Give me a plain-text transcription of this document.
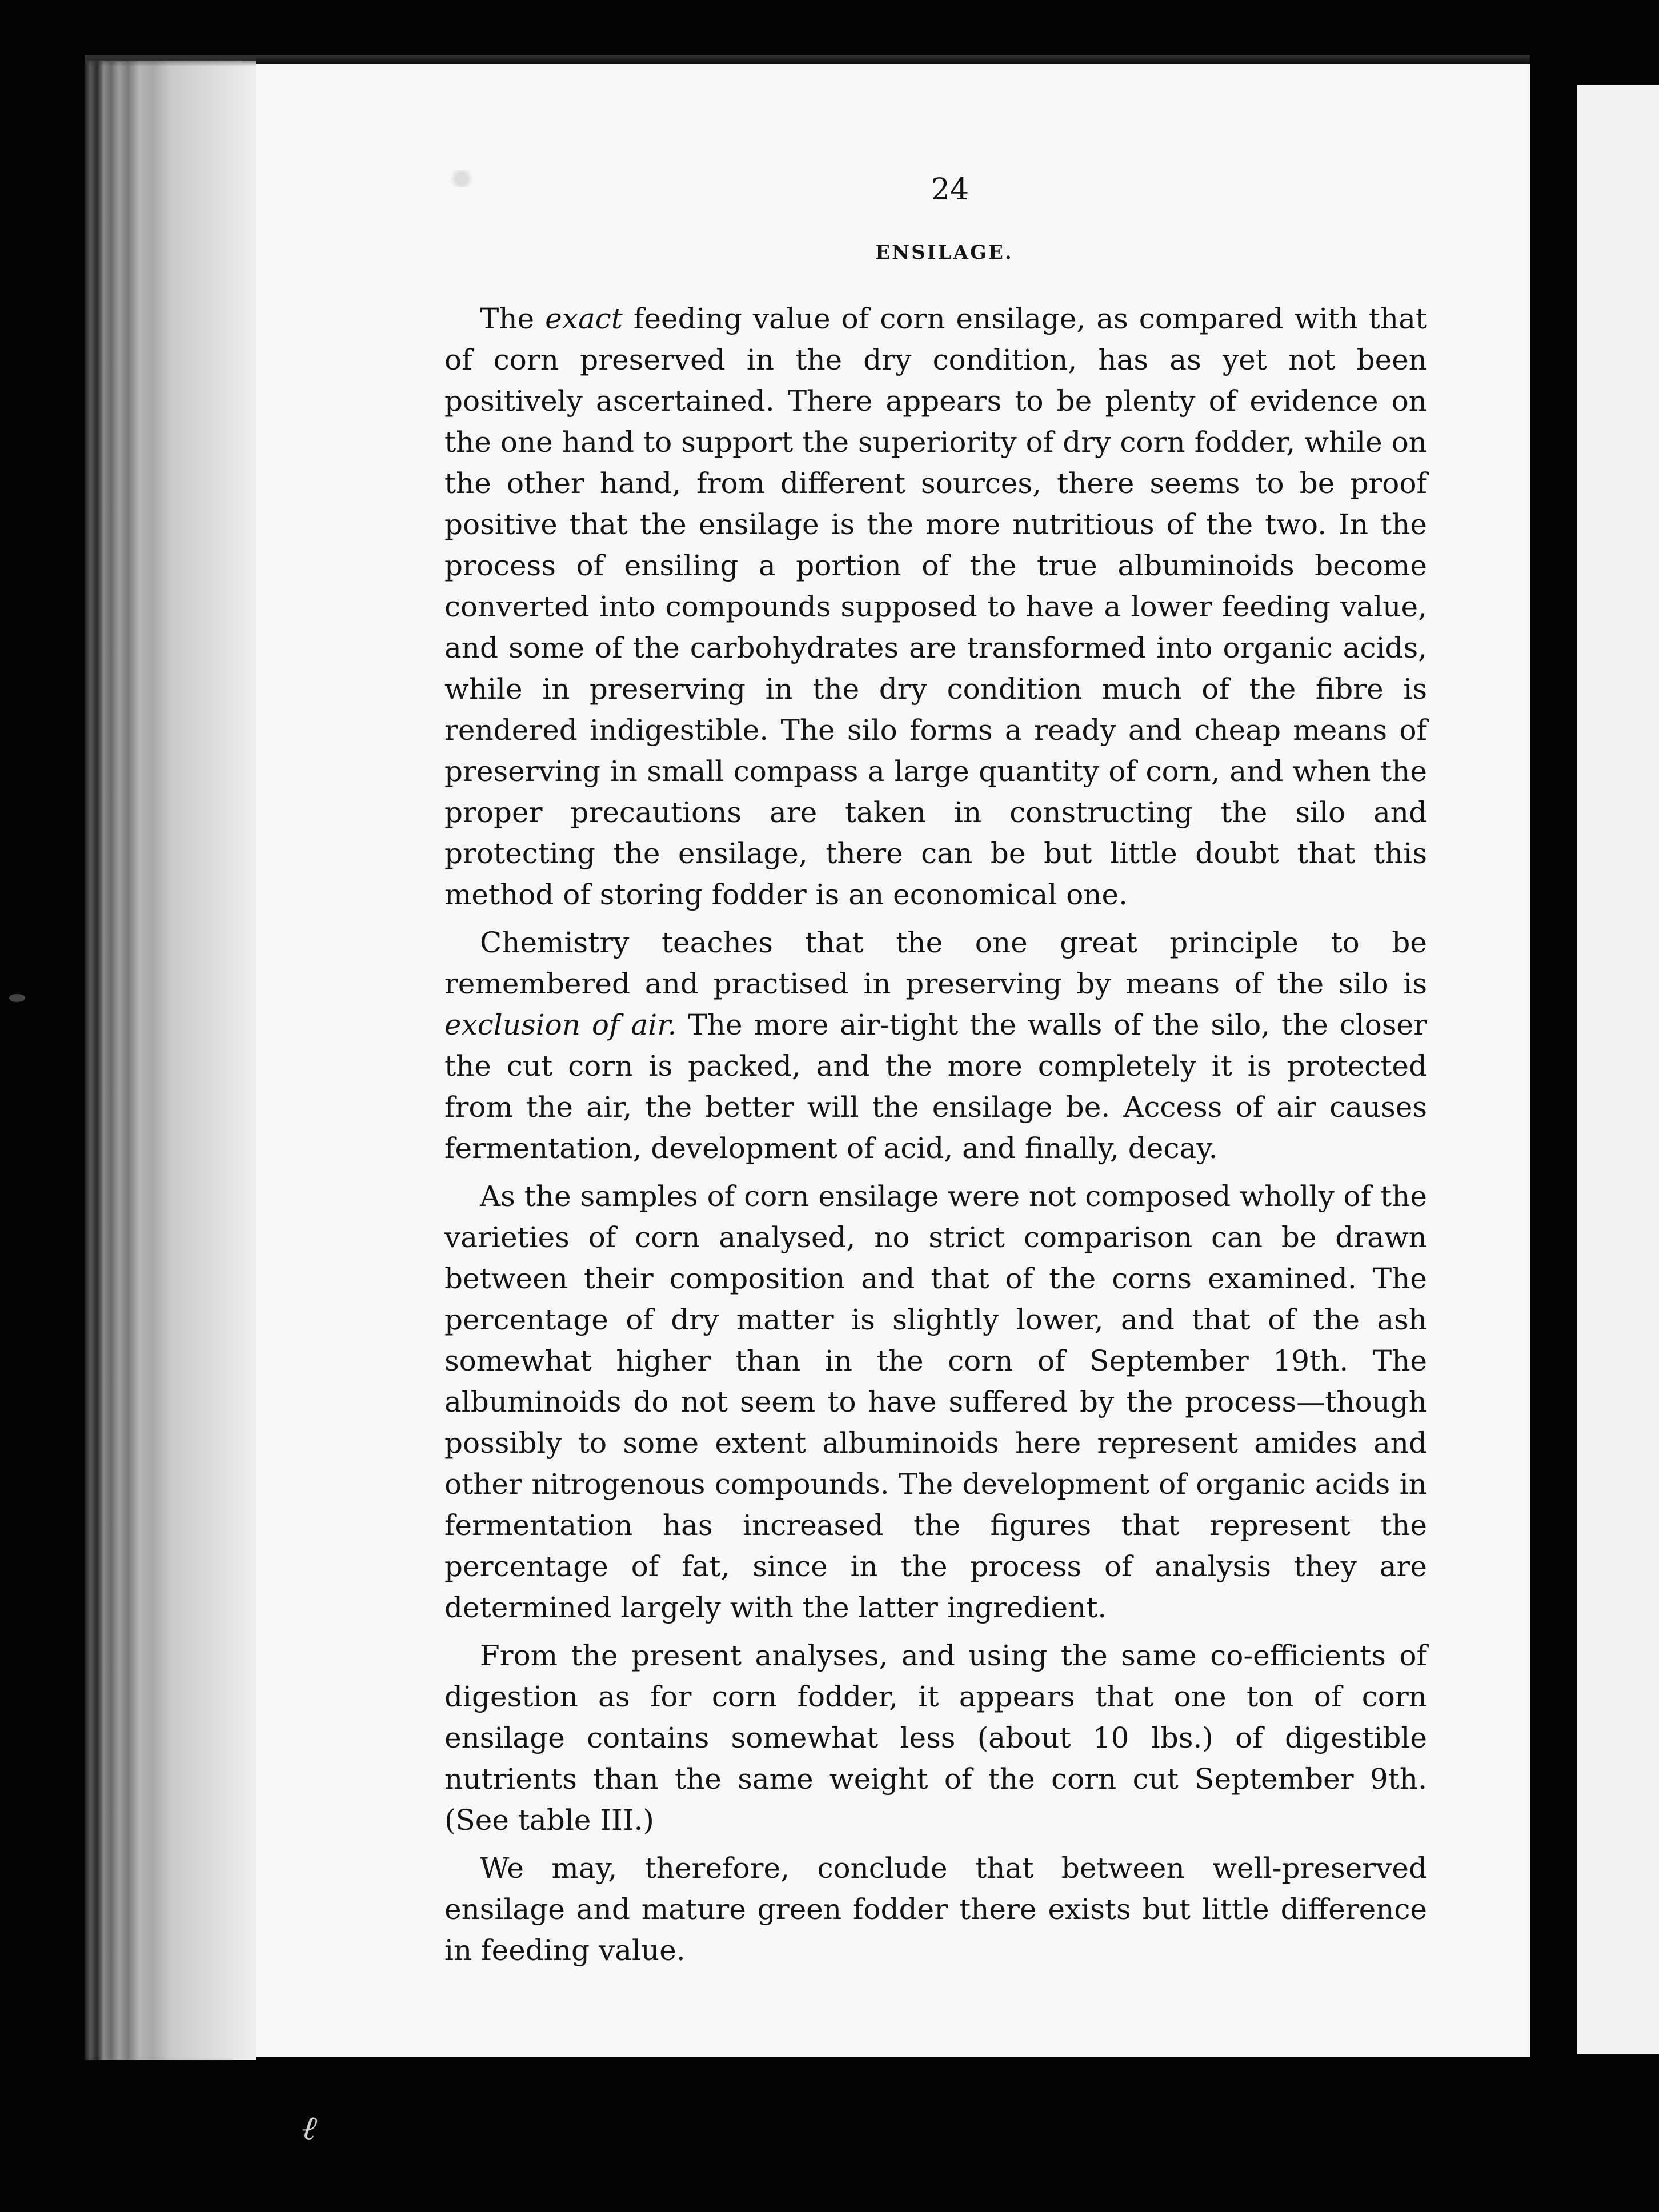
24
ENSILAGE.

The exact feeding value of corn ensilage, as compared with that of corn preserved in the dry condition, has as yet not been positively ascertained. There appears to be plenty of evidence on the one hand to support the superiority of dry corn fodder, while on the other hand, from different sources, there seems to be proof positive that the ensilage is the more nutritious of the two. In the process of ensiling a portion of the true albuminoids become converted into compounds supposed to have a lower feeding value, and some of the carbohydrates are transformed into organic acids, while in preserving in the dry condition much of the fibre is rendered indigestible. The silo forms a ready and cheap means of preserving in small compass a large quantity of corn, and when the proper precautions are taken in constructing the silo and protecting the ensilage, there can be but little doubt that this method of storing fodder is an economical one.

Chemistry teaches that the one great principle to be remembered and practised in preserving by means of the silo is exclusion of air. The more air-tight the walls of the silo, the closer the cut corn is packed, and the more completely it is protected from the air, the better will the ensilage be. Access of air causes fermentation, development of acid, and finally, decay.

As the samples of corn ensilage were not composed wholly of the varieties of corn analysed, no strict comparison can be drawn between their composition and that of the corns examined. The percentage of dry matter is slightly lower, and that of the ash somewhat higher than in the corn of September 19th. The albuminoids do not seem to have suffered by the process—though possibly to some extent albuminoids here represent amides and other nitrogenous compounds. The development of organic acids in fermentation has increased the figures that represent the percentage of fat, since in the process of analysis they are determined largely with the latter ingredient.

From the present analyses, and using the same co-efficients of digestion as for corn fodder, it appears that one ton of corn ensilage contains somewhat less (about 10 lbs.) of digestible nutrients than the same weight of the corn cut September 9th. (See table III.)

We may, therefore, conclude that between well-preserved ensilage and mature green fodder there exists but little difference in feeding value.

ℓ
